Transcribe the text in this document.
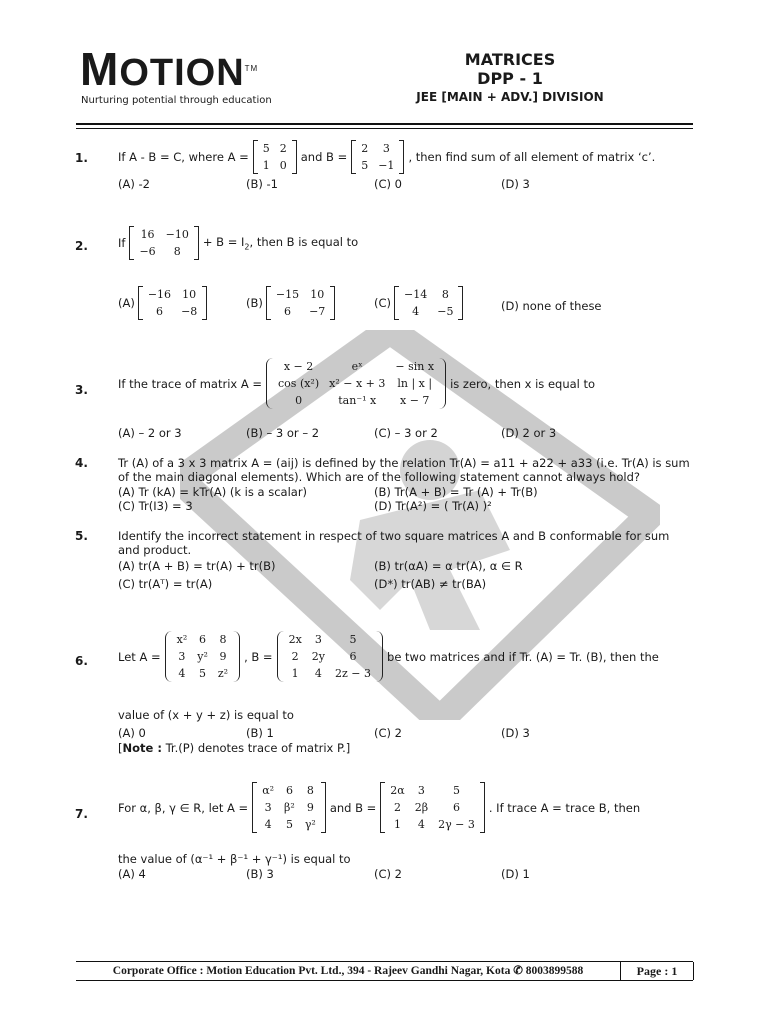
MOTION™
Nurturing potential through education
MATRICES
DPP - 1
JEE [MAIN + ADV.] DIVISION
1.	If A - B = C, where A =
5	2
1	0
and B =
2	3
5	−1
, then find sum of all element of matrix ‘c’.
(A) -2	(B) -1	(C) 0	(D) 3
2.	If
16	−10
−6	8
+ $B = I_2$, then B is equal to
(A)
−16	10
6	−8
(B)
−15	10
6	−7
(C)
−14	8
4	−5	(D) none of these
3.	If the trace of matrix A =
x − 2	eˣ	− sin x
cos (x²)	x² − x + 3	ln | x |
0	tan⁻¹ x	x − 7
is zero, then x is equal to
(A) – 2 or 3	(B) – 3 or – 2	(C) – 3 or 2	(D) 2 or 3
4.	Tr (A) of a 3 x 3 matrix A = (aij) is defined by the relation Tr(A) = a11 + a22 + a33 (i.e. Tr(A) is sum
of the main diagonal elements). Which are of the following statement cannot always hold?
(A) Tr (kA) = kTr(A) (k is a scalar)	(B) Tr(A + B) = Tr (A) + Tr(B)
(C) Tr(I3) = 3	(D) Tr(A²) = ( Tr(A) )²
5.	Identify the incorrect statement in respect of two square matrices A and B conformable for sum
and product.
(A) tr(A + B) = tr(A) + tr(B)	(B) tr(αA) = α tr(A), α ∈ R
(C) tr(Aᵀ) = tr(A)	(D*) tr(AB) ≠ tr(BA)
6.	Let A =
x²	6	8
3	y²	9
4	5	z²
, B =
2x	3	5
2	2y	6
1	4	2z − 3
be two matrices and if Tr. (A) = Tr. (B), then the
value of (x + y + z) is equal to
(A) 0	(B) 1	(C) 2	(D) 3
[Note : Tr.(P) denotes trace of matrix P.]
7.	For α, β, γ ∈ R, let A =
α²	6	8
3	β²	9
4	5	γ²
and B =
2α	3	5
2	2β	6
1	4	2γ − 3
. If trace A = trace B, then
the value of (α⁻¹ + β⁻¹ + γ⁻¹) is equal to
(A) 4	(B) 3	(C) 2	(D) 1
Corporate Office : Motion Education Pvt. Ltd., 394 - Rajeev Gandhi Nagar, Kota ✆ 8003899588	Page : 1
